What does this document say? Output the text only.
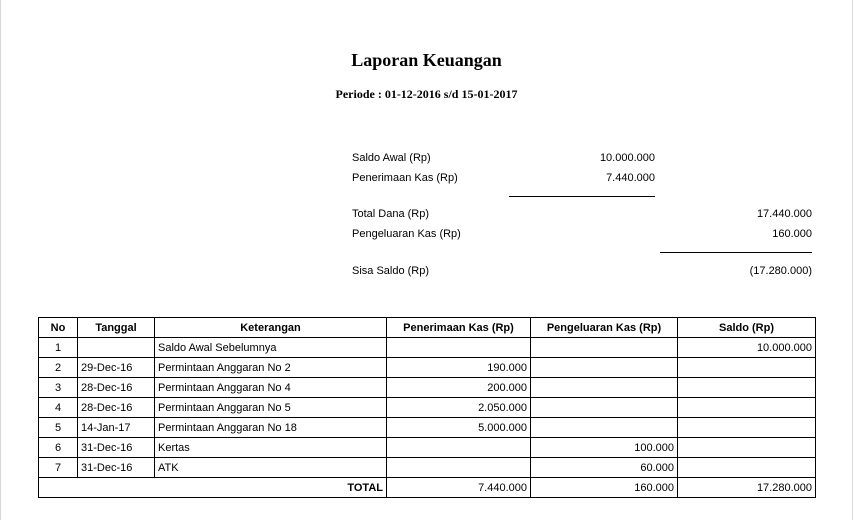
Laporan Keuangan
Periode : 01-12-2016 s/d 15-01-2017
Saldo Awal (Rp)	10.000.000
Penerimaan Kas (Rp)	7.440.000
Total Dana (Rp)	17.440.000
Pengeluaran Kas (Rp)	160.000
Sisa Saldo (Rp)	(17.280.000)
No	Tanggal	Keterangan	Penerimaan Kas (Rp)	Pengeluaran Kas (Rp)	Saldo (Rp)
1		Saldo Awal Sebelumnya			10.000.000
2	29-Dec-16	Permintaan Anggaran No 2	190.000		
3	28-Dec-16	Permintaan Anggaran No 4	200.000		
4	28-Dec-16	Permintaan Anggaran No 5	2.050.000		
5	14-Jan-17	Permintaan Anggaran No 18	5.000.000		
6	31-Dec-16	Kertas		100.000	
7	31-Dec-16	ATK		60.000	
TOTAL			7.440.000	160.000	17.280.000
